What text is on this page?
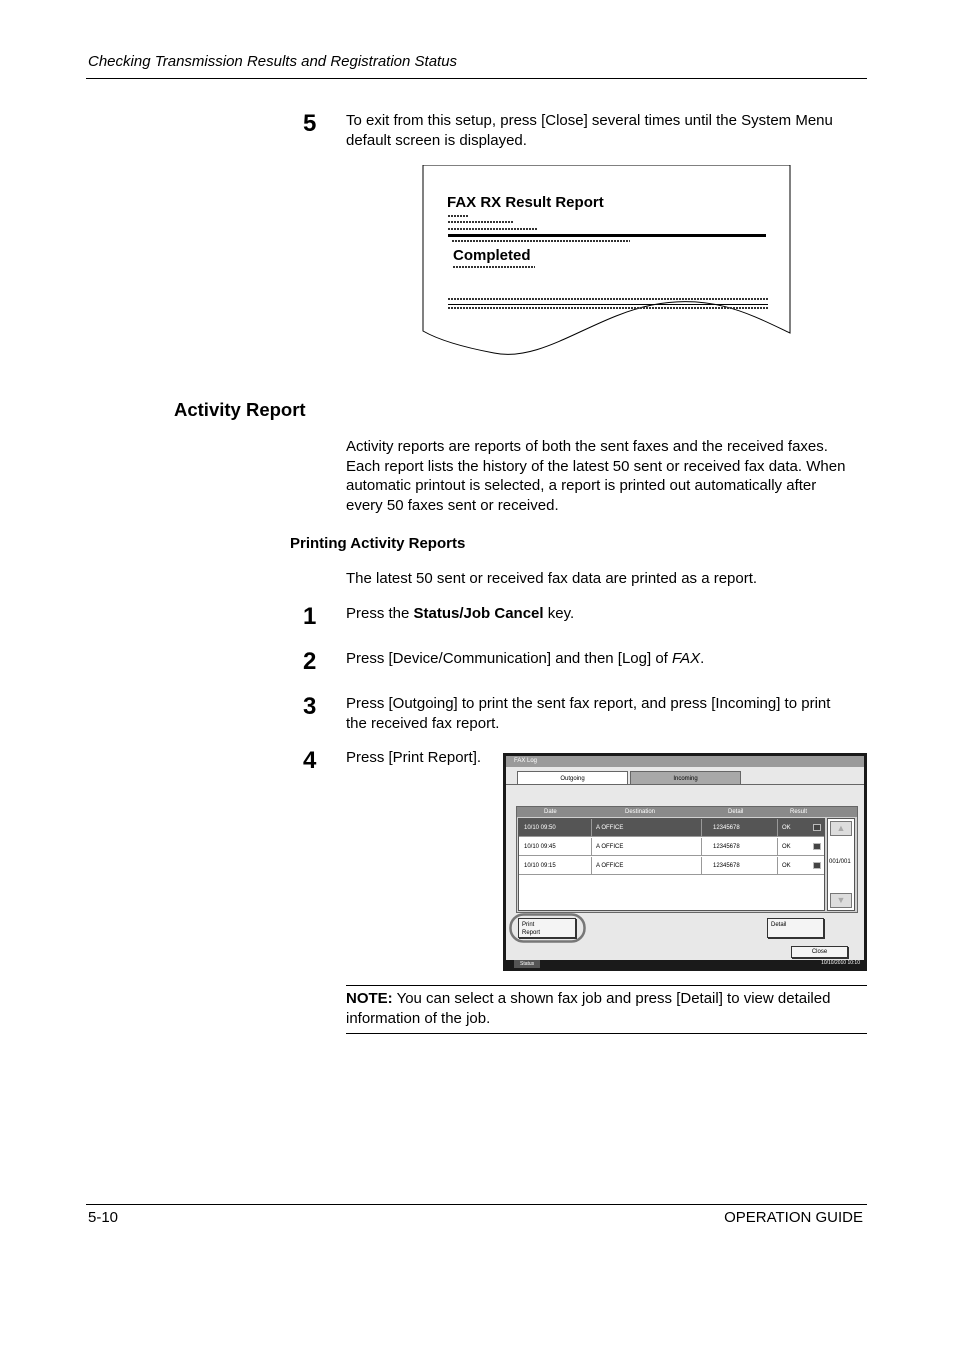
Checking Transmission Results and Registration Status
5	To exit from this setup, press [Close] several times until the System Menu
default screen is displayed.
FAX RX Result Report
Completed
Activity Report
Activity reports are reports of both the sent faxes and the received faxes.
Each report lists the history of the latest 50 sent or received fax data. When
automatic printout is selected, a report is printed out automatically after
every 50 faxes sent or received.
Printing Activity Reports
The latest 50 sent or received fax data are printed as a report.
1	Press the Status/Job Cancel key.
2	Press [Device/Communication] and then [Log] of FAX.
3	Press [Outgoing] to print the sent fax report, and press [Incoming] to print
the received fax report.
4	Press [Print Report].	FAX Log
Outgoing	Incoming
Date	Destination	Detail	Result
10/10 09:50	A OFFICE	12345678	OK
10/10 09:45	A OFFICE	12345678	OK
10/10 09:15	A OFFICE	12345678	OK
▲
001/001
▼
Print
Report
Detail
Close
Status	10/10/2010 10:10
NOTE: You can select a shown fax job and press [Detail] to view detailed
information of the job.
5-10	OPERATION GUIDE
